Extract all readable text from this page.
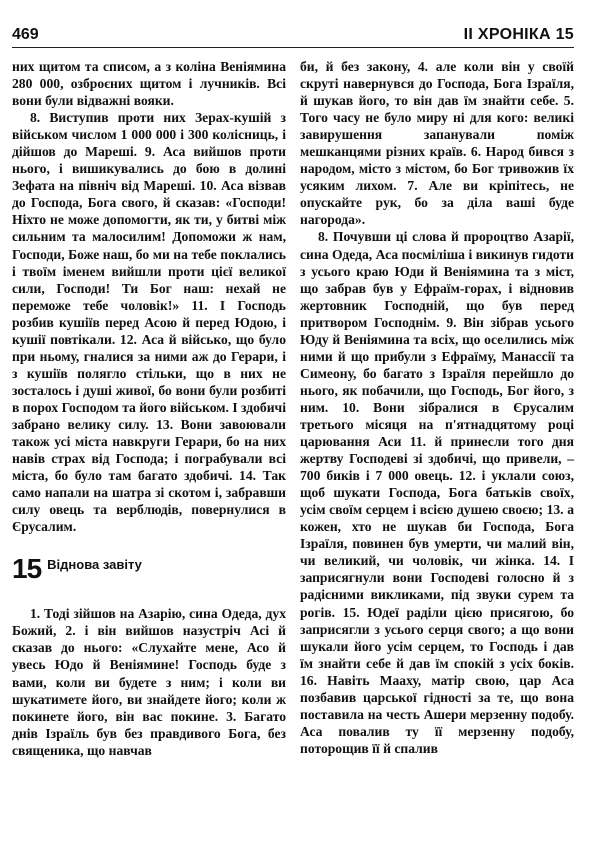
469	II ХРОНІКА 15

них щитом та списом, а з коліна Веніямина 280 000, озброєних щитом і лучників. Всі вони були відважні вояки.

8. Виступив проти них Зерах-кушій з військом числом 1 000 000 і 300 колісниць, і дійшов до Мареші. 9. Аса вийшов проти нього, і вишикувались до бою в долині Зефата на північ від Мареші. 10. Аса візвав до Господа, Бога свого, й сказав: «Господи! Ніхто не може допомогти, як ти, у битві між сильним та малосилим! Допоможи ж нам, Господи, Боже наш, бо ми на тебе поклались і твоїм іменем вийшли проти цієї великої сили, Господи! Ти Бог наш: нехай не переможе тебе чоловік!» 11. І Господь розбив кушіїв перед Асою й перед Юдою, і кушії повтікали. 12. Аса й військо, що було при ньому, гналися за ними аж до Герари, і з кушіїв полягло стільки, що в них не зосталось і душі живої, бо вони були розбиті в порох Господом та його військом. І здобичі забрано велику силу. 13. Вони завоювали також усі міста навкруги Герари, бо на них навів страх від Господа; і пограбували всі міста, бо було там багато здобичі. 14. Так само напали на шатра зі скотом і, забравши силу овець та верблюдів, повернулися в Єрусалим.

15 Віднова завіту

1. Тоді зійшов на Азарію, сина Одеда, дух Божий, 2. і він вийшов назустріч Асі й сказав до нього: «Слухайте мене, Асо й увесь Юдо й Веніямине! Господь буде з вами, коли ви будете з ним; і коли ви шукатимете його, ви знайдете його; коли ж покинете його, він вас покине. 3. Багато днів Ізраїль був без правдивого Бога, без священика, що навчав

би, й без закону, 4. але коли він у своїй скруті навернувся до Господа, Бога Ізраїля, й шукав його, то він дав їм знайти себе. 5. Того часу не було миру ні для кого: великі завирушення запанували поміж мешканцями різних країв. 6. Народ бився з народом, місто з містом, бо Бог тривожив їх усяким лихом. 7. Але ви кріпітесь, не опускайте рук, бо за діла ваші буде нагорода».

8. Почувши ці слова й пророцтво Азарії, сина Одеда, Аса посміліша і викинув гидоти з усього краю Юди й Веніямина та з міст, що забрав був у Ефраїм-горах, і відновив жертовник Господній, що був перед притвором Господнім. 9. Він зібрав усього Юду й Веніямина та всіх, що оселились між ними й що прибули з Ефраїму, Манассії та Симеону, бо багато з Ізраїля перейшло до нього, як побачили, що Господь, Бог його, з ним. 10. Вони зібралися в Єрусалим третього місяця на п'ятнадцятому році царювання Аси 11. й принесли того дня жертву Господеві зі здобичі, що привели, – 700 биків і 7 000 овець. 12. і уклали союз, щоб шукати Господа, Бога батьків своїх, усім своїм серцем і всією душею своєю; 13. а кожен, хто не шукав би Господа, Бога Ізраїля, повинен був умерти, чи малий він, чи великий, чи чоловік, чи жінка. 14. І заприсягнули вони Господеві голосно й з радісними викликами, під звуки сурем та рогів. 15. Юдеї раділи цією присягою, бо заприсягли з усього серця свого; а що вони шукали його усім серцем, то Господь і дав їм знайти себе й дав їм спокій з усіх боків. 16. Навіть Мааху, матір свою, цар Аса позбавив царської гідності за те, що вона поставила на честь Ашери мерзенну подобу. Аса повалив ту її мерзенну подобу, поторощив її й спалив
